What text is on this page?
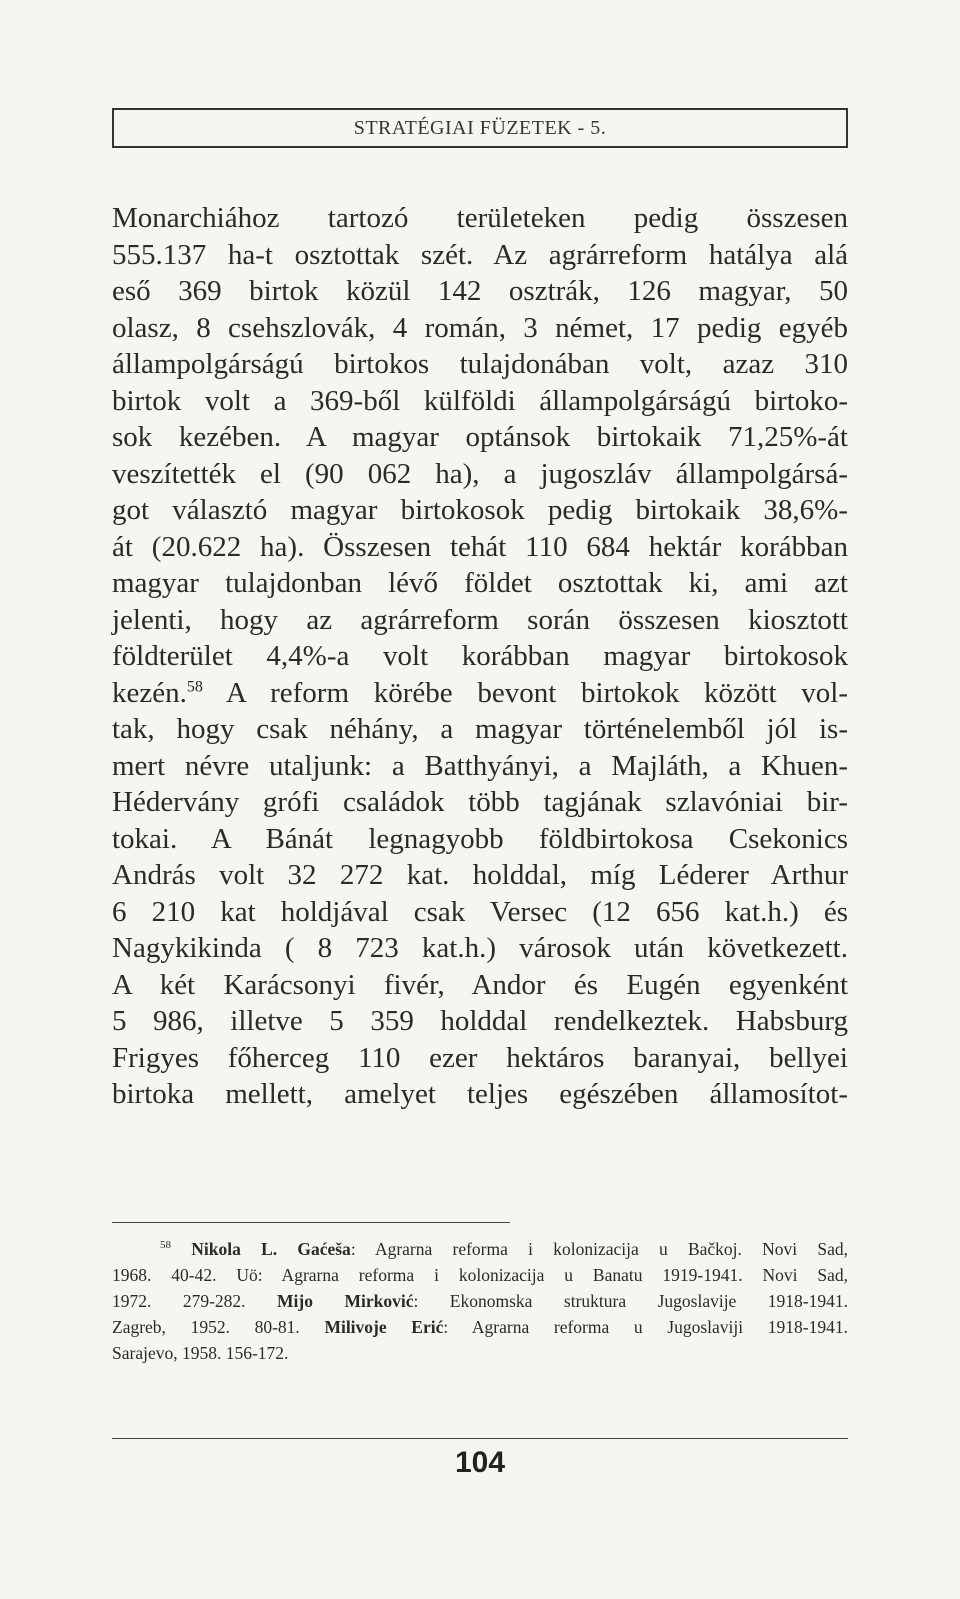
STRATÉGIAI FÜZETEK - 5.
Monarchiához tartozó területeken pedig összesen
555.137 ha-t osztottak szét. Az agrárreform hatálya alá
eső 369 birtok közül 142 osztrák, 126 magyar, 50
olasz, 8 csehszlovák, 4 román, 3 német, 17 pedig egyéb
állampolgárságú birtokos tulajdonában volt, azaz 310
birtok volt a 369-ből külföldi állampolgárságú birtoko-
sok kezében. A magyar optánsok birtokaik 71,25%-át
veszítették el (90 062 ha), a jugoszláv állampolgársá-
got választó magyar birtokosok pedig birtokaik 38,6%-
át (20.622 ha). Összesen tehát 110 684 hektár korábban
magyar tulajdonban lévő földet osztottak ki, ami azt
jelenti, hogy az agrárreform során összesen kiosztott
földterület 4,4%-a volt korábban magyar birtokosok
kezén.$^{58}$ A reform körébe bevont birtokok között vol-
tak, hogy csak néhány, a magyar történelemből jól is-
mert névre utaljunk: a Batthyányi, a Majláth, a Khuen-
Hédervány grófi családok több tagjának szlavóniai bir-
tokai. A Bánát legnagyobb földbirtokosa Csekonics
András volt 32 272 kat. holddal, míg Léderer Arthur
6 210 kat holdjával csak Versec (12 656 kat.h.) és
Nagykikinda ( 8 723 kat.h.) városok után következett.
A két Karácsonyi fivér, Andor és Eugén egyenként
5 986, illetve 5 359 holddal rendelkeztek. Habsburg
Frigyes főherceg 110 ezer hektáros baranyai, bellyei
birtoka mellett, amelyet teljes egészében államosítot-
$^{58}$ Nikola L. Gaćeša: Agrarna reforma i kolonizacija u Bačkoj. Novi Sad,
1968. 40-42. Uö: Agrarna reforma i kolonizacija u Banatu 1919-1941. Novi Sad,
1972. 279-282. Mijo Mirković: Ekonomska struktura Jugoslavije 1918-1941.
Zagreb, 1952. 80-81. Milivoje Erić: Agrarna reforma u Jugoslaviji 1918-1941.
Sarajevo, 1958. 156-172.
104
